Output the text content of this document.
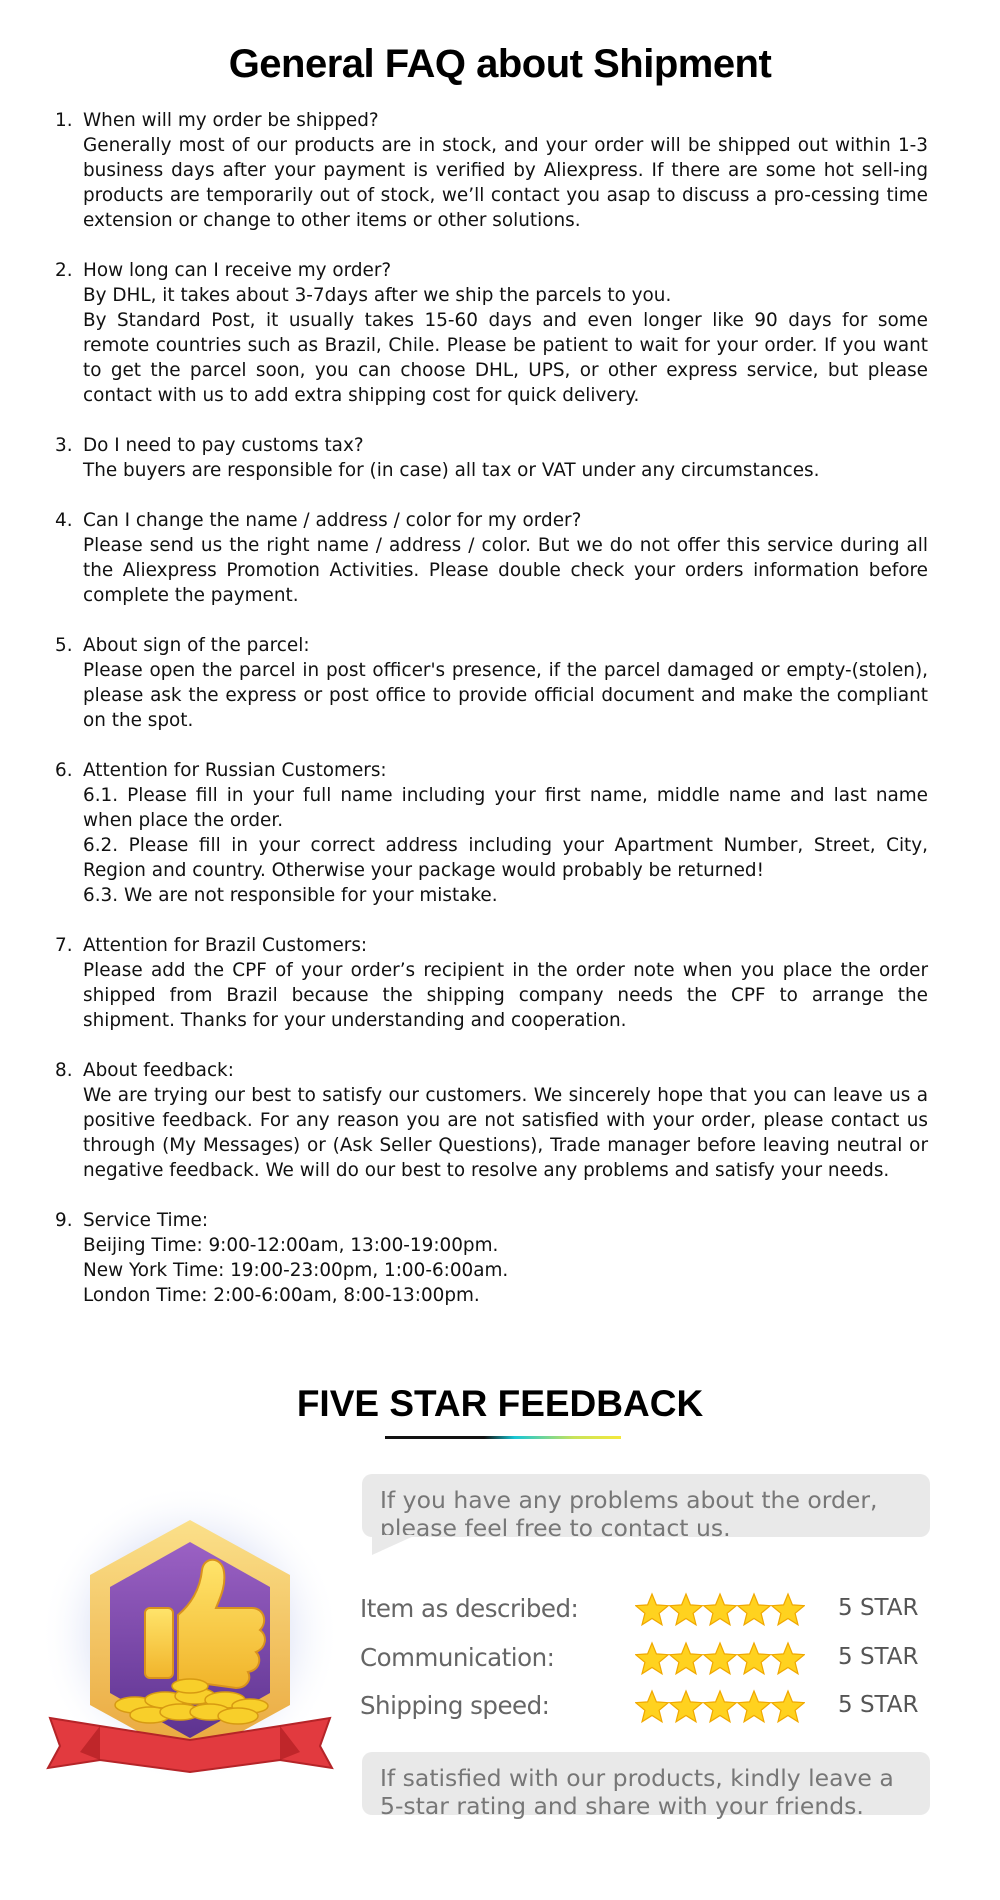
General FAQ about Shipment
1. When will my order be shipped?
Generally most of our products are in stock, and your order will be shipped out within 1-3 business days after your payment is verified by Aliexpress. If there are some hot sell-ing products are temporarily out of stock, we’ll contact you asap to discuss a pro-cessing time extension or change to other items or other solutions.
2. How long can I receive my order?
By DHL, it takes about 3-7days after we ship the parcels to you.
By Standard Post, it usually takes 15-60 days and even longer like 90 days for some remote countries such as Brazil, Chile. Please be patient to wait for your order. If you want to get the parcel soon, you can choose DHL, UPS, or other express service, but please contact with us to add extra shipping cost for quick delivery.
3. Do I need to pay customs tax?
The buyers are responsible for (in case) all tax or VAT under any circumstances.
4. Can I change the name / address / color for my order?
Please send us the right name / address / color. But we do not offer this service during all the Aliexpress Promotion Activities. Please double check your orders information before complete the payment.
5. About sign of the parcel:
Please open the parcel in post officer's presence, if the parcel damaged or empty-(stolen), please ask the express or post office to provide official document and make the compliant on the spot.
6. Attention for Russian Customers:
6.1. Please fill in your full name including your first name, middle name and last name when place the order.
6.2. Please fill in your correct address including your Apartment Number, Street, City, Region and country. Otherwise your package would probably be returned!
6.3. We are not responsible for your mistake.
7. Attention for Brazil Customers:
Please add the CPF of your order’s recipient in the order note when you place the order shipped from Brazil because the shipping company needs the CPF to arrange the shipment. Thanks for your understanding and cooperation.
8. About feedback:
We are trying our best to satisfy our customers. We sincerely hope that you can leave us a positive feedback. For any reason you are not satisfied with your order, please contact us through (My Messages) or (Ask Seller Questions), Trade manager before leaving neutral or negative feedback. We will do our best to resolve any problems and satisfy your needs.
9. Service Time:
Beijing Time: 9:00-12:00am, 13:00-19:00pm.
New York Time: 19:00-23:00pm, 1:00-6:00am.
London Time: 2:00-6:00am, 8:00-13:00pm.
FIVE STAR FEEDBACK
If you have any problems about the order, please feel free to contact us.
Item as described:	5 STAR
Communication:	5 STAR
Shipping speed:	5 STAR
If satisfied with our products, kindly leave a 5-star rating and share with your friends.
